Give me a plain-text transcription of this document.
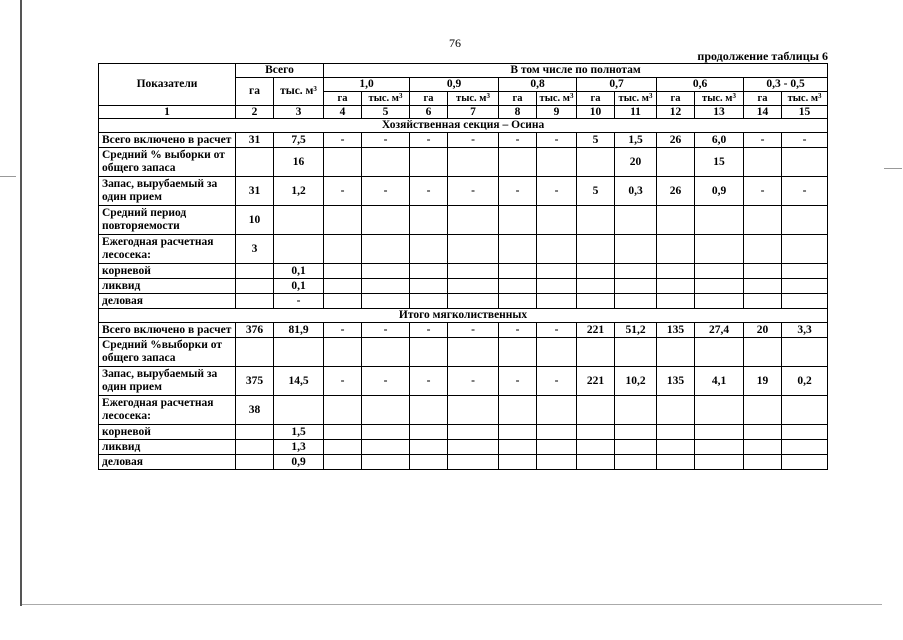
76
продолжение таблицы 6
Показатели	Всего		В том числе по полнотам											
	га	тыс. $м^3$	1,0		0,9		0,8		0,7		0,6		0,3 - 0,5	
			га	тыс. $м^3$	га	тыс. $м^3$	га	тыс. $м^3$	га	тыс. $м^3$	га	тыс. $м^3$	га	тыс. $м^3$
1	2	3	4	5	6	7	8	9	10	11	12	13	14	15
Хозяйственная секция – Осина														
Всего включено в расчет	31	7,5	-	-	-	-	-	-	5	1,5	26	6,0	-	-
Средний % выборки от общего запаса		16								20		15		
Запас, вырубаемый за один прием	31	1,2	-	-	-	-	-	-	5	0,3	26	0,9	-	-
Средний период повторяемости	10													
Ежегодная расчетная лесосека:	3													
корневой		0,1												
ликвид		0,1												
деловая		-												
Итого мягколиственных														
Всего включено в расчет	376	81,9	-	-	-	-	-	-	221	51,2	135	27,4	20	3,3
Средний %выборки от общего запаса														
Запас, вырубаемый за один прием	375	14,5	-	-	-	-	-	-	221	10,2	135	4,1	19	0,2
Ежегодная расчетная лесосека:	38													
корневой		1,5												
ликвид		1,3												
деловая		0,9												
